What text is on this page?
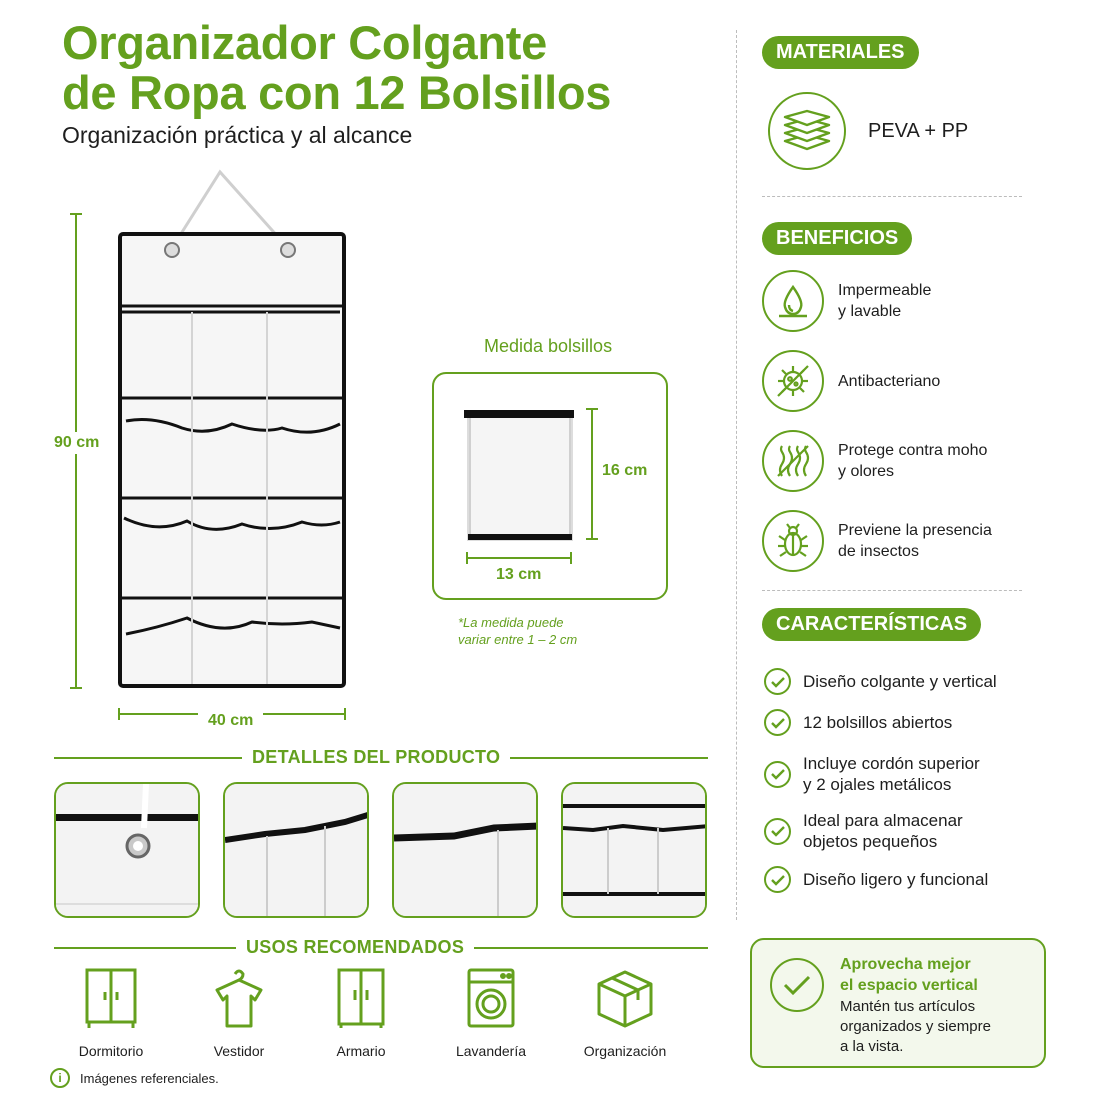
Organizador Colgante
de Ropa con 12 Bolsillos
Organización práctica y al alcance
90 cm
40 cm
Medida bolsillos
16 cm
13 cm
*La medida puede
variar entre 1 – 2 cm
DETALLES DEL PRODUCTO
USOS RECOMENDADOS
Dormitorio	Vestidor	Armario	Lavandería	Organización
i	Imágenes referenciales.
MATERIALES
PEVA + PP
BENEFICIOS
Impermeable
y lavable
Antibacteriano
Protege contra moho
y olores
Previene la presencia
de insectos
CARACTERÍSTICAS
Diseño colgante y vertical
12 bolsillos abiertos
Incluye cordón superior
y 2 ojales metálicos
Ideal para almacenar
objetos pequeños
Diseño ligero y funcional
Aprovecha mejor
el espacio vertical
Mantén tus artículos
organizados y siempre
a la vista.
